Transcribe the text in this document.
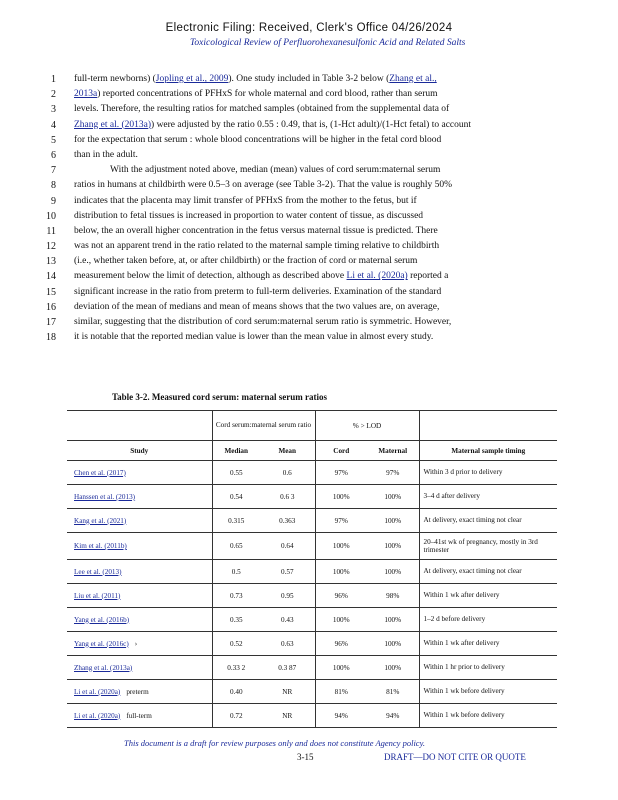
Electronic Filing: Received, Clerk's Office 04/26/2024
Toxicological Review of Perfluorohexanesulfonic Acid and Related Salts
1 full-term newborns) (Jopling et al., 2009). One study included in Table 3-2 below (Zhang et al.,
2 2013a) reported concentrations of PFHxS for whole maternal and cord blood, rather than serum
3 levels. Therefore, the resulting ratios for matched samples (obtained from the supplemental data of
4 Zhang et al. (2013a)) were adjusted by the ratio 0.55 : 0.49, that is, (1-Hct adult)/(1-Hct fetal) to account
5 for the expectation that serum : whole blood concentrations will be higher in the fetal cord blood
6 than in the adult.
7	With the adjustment noted above, median (mean) values of cord serum:maternal serum
8 ratios in humans at childbirth were 0.5–3 on average (see Table 3-2). That the value is roughly 50%
9 indicates that the placenta may limit transfer of PFHxS from the mother to the fetus, but if
10 distribution to fetal tissues is increased in proportion to water content of tissue, as discussed
11 below, the an overall higher concentration in the fetus versus maternal tissue is predicted. There
12 was not an apparent trend in the ratio related to the maternal sample timing relative to childbirth
13 (i.e., whether taken before, at, or after childbirth) or the fraction of cord or maternal serum
14 measurement below the limit of detection, although as described above Li et al. (2020a) reported a
15 significant increase in the ratio from preterm to full-term deliveries. Examination of the standard
16 deviation of the mean of medians and mean of means shows that the two values are, on average,
17 similar, suggesting that the distribution of cord serum:maternal serum ratio is symmetric. However,
18 it is notable that the reported median value is lower than the mean value in almost every study.
Table 3-2. Measured cord serum: maternal serum ratios
	Cord serum:maternal serum ratio		% > LOD		
Study	Median	Mean	Cord	Maternal	Maternal sample timing
Chen et al. (2017)	0.55	0.6	97%	97%	Within 3 d prior to delivery
Hanssen et al. (2013)	0.54	0.6 3	100%	100%	3–4 d after delivery
Kang et al. (2021)	0.315	0.363	97%	100%	At delivery, exact timing not clear
Kim et al. (2011b)	0.65	0.64	100%	100%	20–41st wk of pregnancy, mostly in 3rd trimester
Lee et al. (2013)	0.5	0.57	100%	100%	At delivery, exact timing not clear
Liu et al. (2011)	0.73	0.95	96%	98%	Within 1 wk after delivery
Yang et al. (2016b)	0.35	0.43	100%	100%	1–2 d before delivery
Yang et al. (2016c) ›	0.52	0.63	96%	100%	Within 1 wk after delivery
Zhang et al. (2013a)	0.33 2	0.3 87	100%	100%	Within 1 hr prior to delivery
Li et al. (2020a) preterm	0.40	NR	81%	81%	Within 1 wk before delivery
Li et al. (2020a) full-term	0.72	NR	94%	94%	Within 1 wk before delivery
This document is a draft for review purposes only and does not constitute Agency policy.
3-15	DRAFT—DO NOT CITE OR QUOTE
